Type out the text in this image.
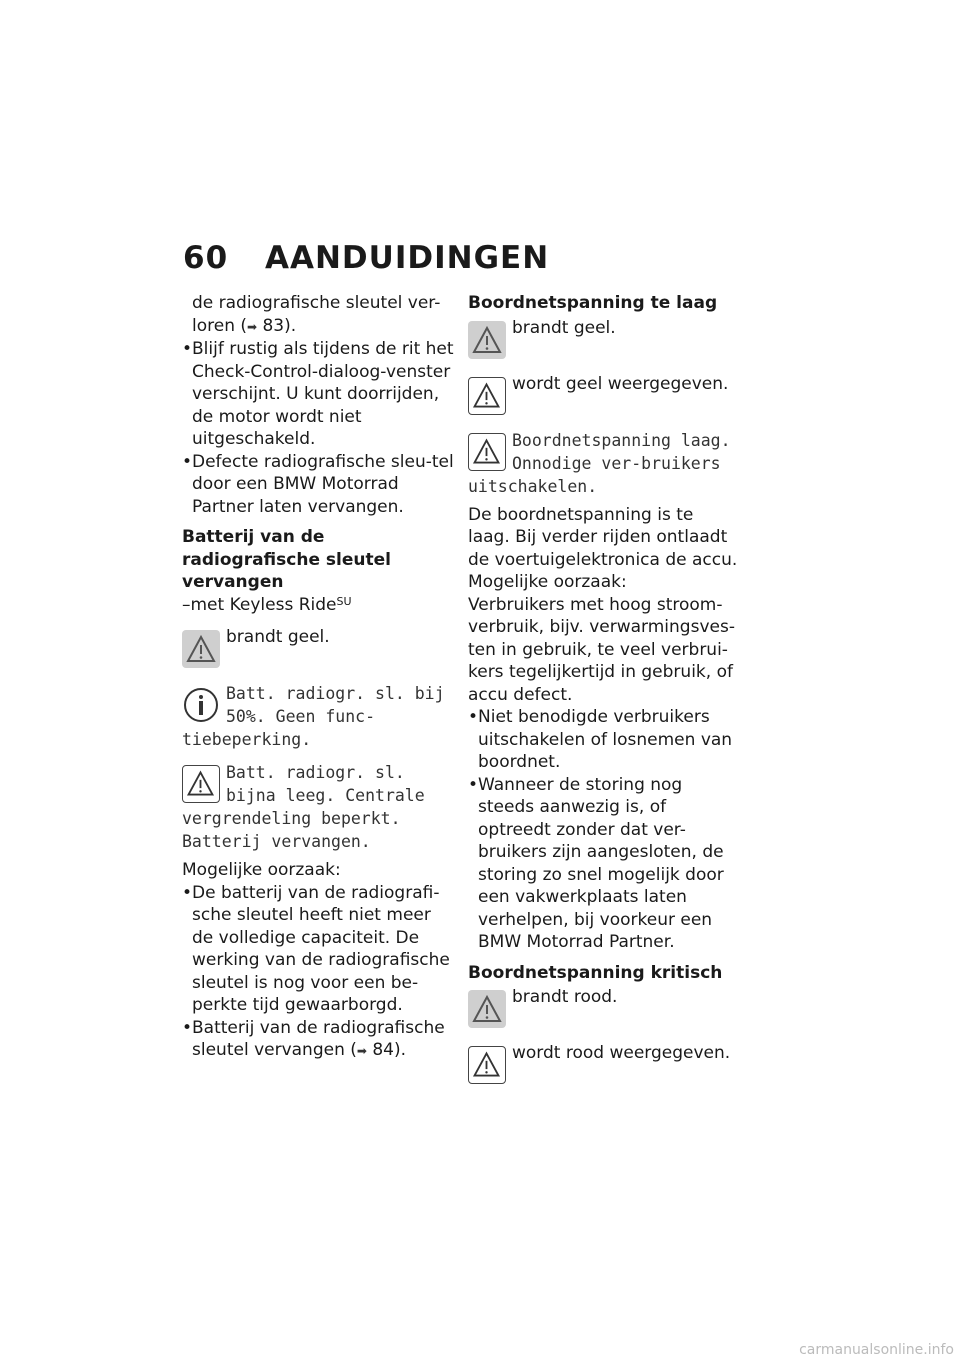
60 AANDUIDINGEN

de radiografische sleutel ver-

loren (➡ 83).

• Blijf rustig als tijdens de rit het Check-Control-dialoog-venster verschijnt. U kunt doorrijden, de motor wordt niet uitgeschakeld.

• Defecte radiografische sleu-tel door een BMW Motorrad Partner laten vervangen.

Batterij van de radiografische sleutel vervangen

–met Keyless Ride$^{SU}$

brandt geel.
Batt. radiogr. sl. bij 50%. Geen func-tiebeperking.
Batt. radiogr. sl. bijna leeg. Centrale vergrendeling beperkt. Batterij vervangen.

Mogelijke oorzaak:

• De batterij van de radiografi-sche sleutel heeft niet meer de volledige capaciteit. De werking van de radiografische sleutel is nog voor een be-perkte tijd gewaarborgd.

• Batterij van de radiografische sleutel vervangen (➡ 84).

Boordnetspanning te laag

brandt geel.
wordt geel weergegeven.
Boordnetspanning laag. Onnodige ver-bruikers uitschakelen.

De boordnetspanning is te laag. Bij verder rijden ontlaadt de voertuigelektronica de accu.

Mogelijke oorzaak:

Verbruikers met hoog stroom-verbruik, bijv. verwarmingsves-ten in gebruik, te veel verbrui-kers tegelijkertijd in gebruik, of accu defect.

• Niet benodigde verbruikers uitschakelen of losnemen van boordnet.

• Wanneer de storing nog steeds aanwezig is, of optreedt zonder dat ver-bruikers zijn aangesloten, de storing zo snel mogelijk door een vakwerkplaats laten verhelpen, bij voorkeur een BMW Motorrad Partner.

Boordnetspanning kritisch

brandt rood.
wordt rood weergegeven.
carmanualsonline.info
